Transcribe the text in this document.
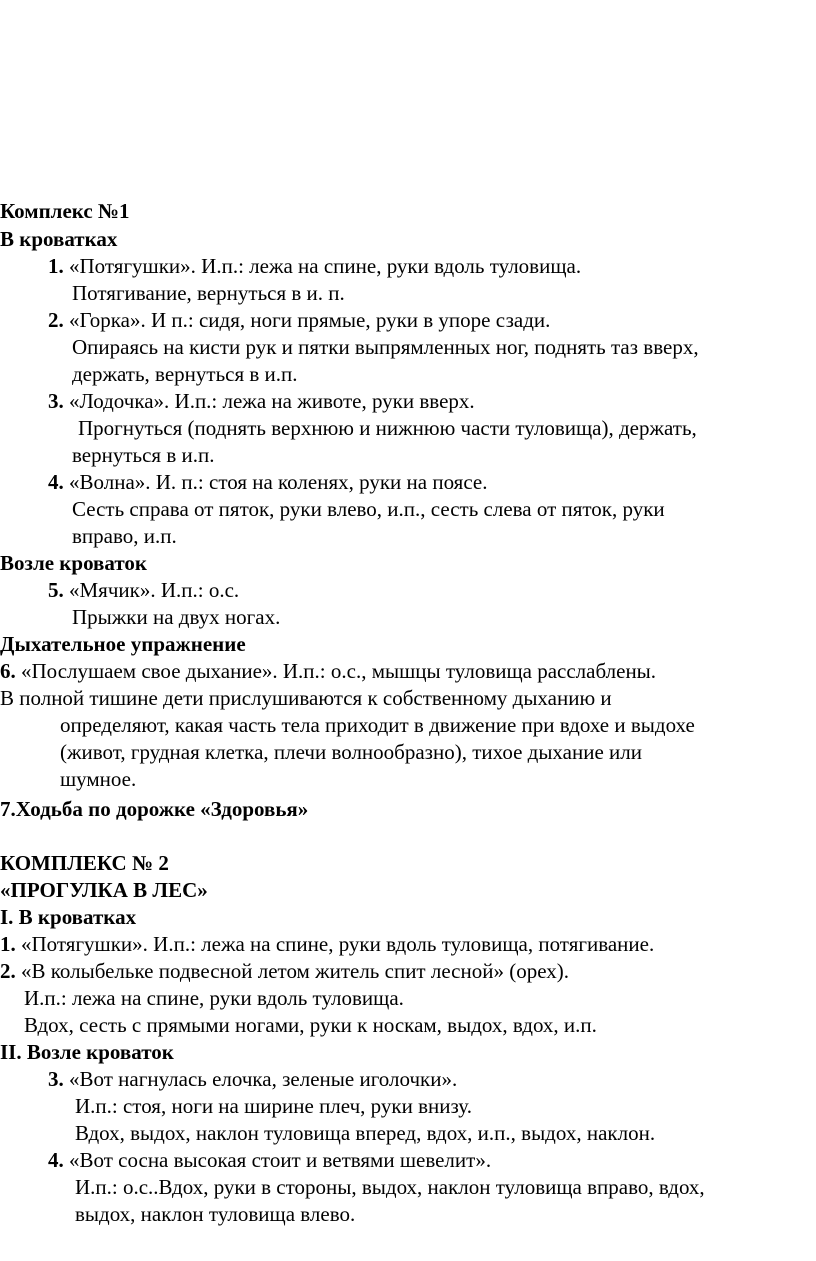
Комплекс №1
В кроватках
1. «Потягушки». И.п.: лежа на спине, руки вдоль туловища.
Потягивание, вернуться в и. п.
2. «Горка». И п.: сидя, ноги прямые, руки в упоре сзади.
Опираясь на кисти рук и пятки выпрямленных ног, поднять таз вверх,
держать, вернуться в и.п.
3. «Лодочка». И.п.: лежа на животе, руки вверх.
Прогнуться (поднять верхнюю и нижнюю части туловища), держать,
вернуться в и.п.
4. «Волна». И. п.: стоя на коленях, руки на поясе.
Сесть справа от пяток, руки влево, и.п., сесть слева от пяток, руки
вправо, и.п.
Возле кроваток
5. «Мячик». И.п.: о.с.
Прыжки на двух ногах.
Дыхательное упражнение
6. «Послушаем свое дыхание». И.п.: о.с., мышцы туловища расслаблены.
В полной тишине дети прислушиваются к собственному дыханию и
определяют, какая часть тела приходит в движение при вдохе и выдохе
(живот, грудная клетка, плечи волнообразно), тихое дыхание или
шумное.
7.Ходьба по дорожке «Здоровья»
КОМПЛЕКС № 2
«ПРОГУЛКА В ЛЕС»
I. В кроватках
1. «Потягушки». И.п.: лежа на спине, руки вдоль туловища, потягивание.
2. «В колыбельке подвесной летом житель спит лесной» (орех).
И.п.: лежа на спине, руки вдоль туловища.
Вдох, сесть с прямыми ногами, руки к носкам, выдох, вдох, и.п.
II. Возле кроваток
3. «Вот нагнулась елочка, зеленые иголочки».
И.п.: стоя, ноги на ширине плеч, руки внизу.
Вдох, выдох, наклон туловища вперед, вдох, и.п., выдох, наклон.
4. «Вот сосна высокая стоит и ветвями шевелит».
И.п.: о.с..Вдох, руки в стороны, выдох, наклон туловища вправо, вдох,
выдох, наклон туловища влево.
